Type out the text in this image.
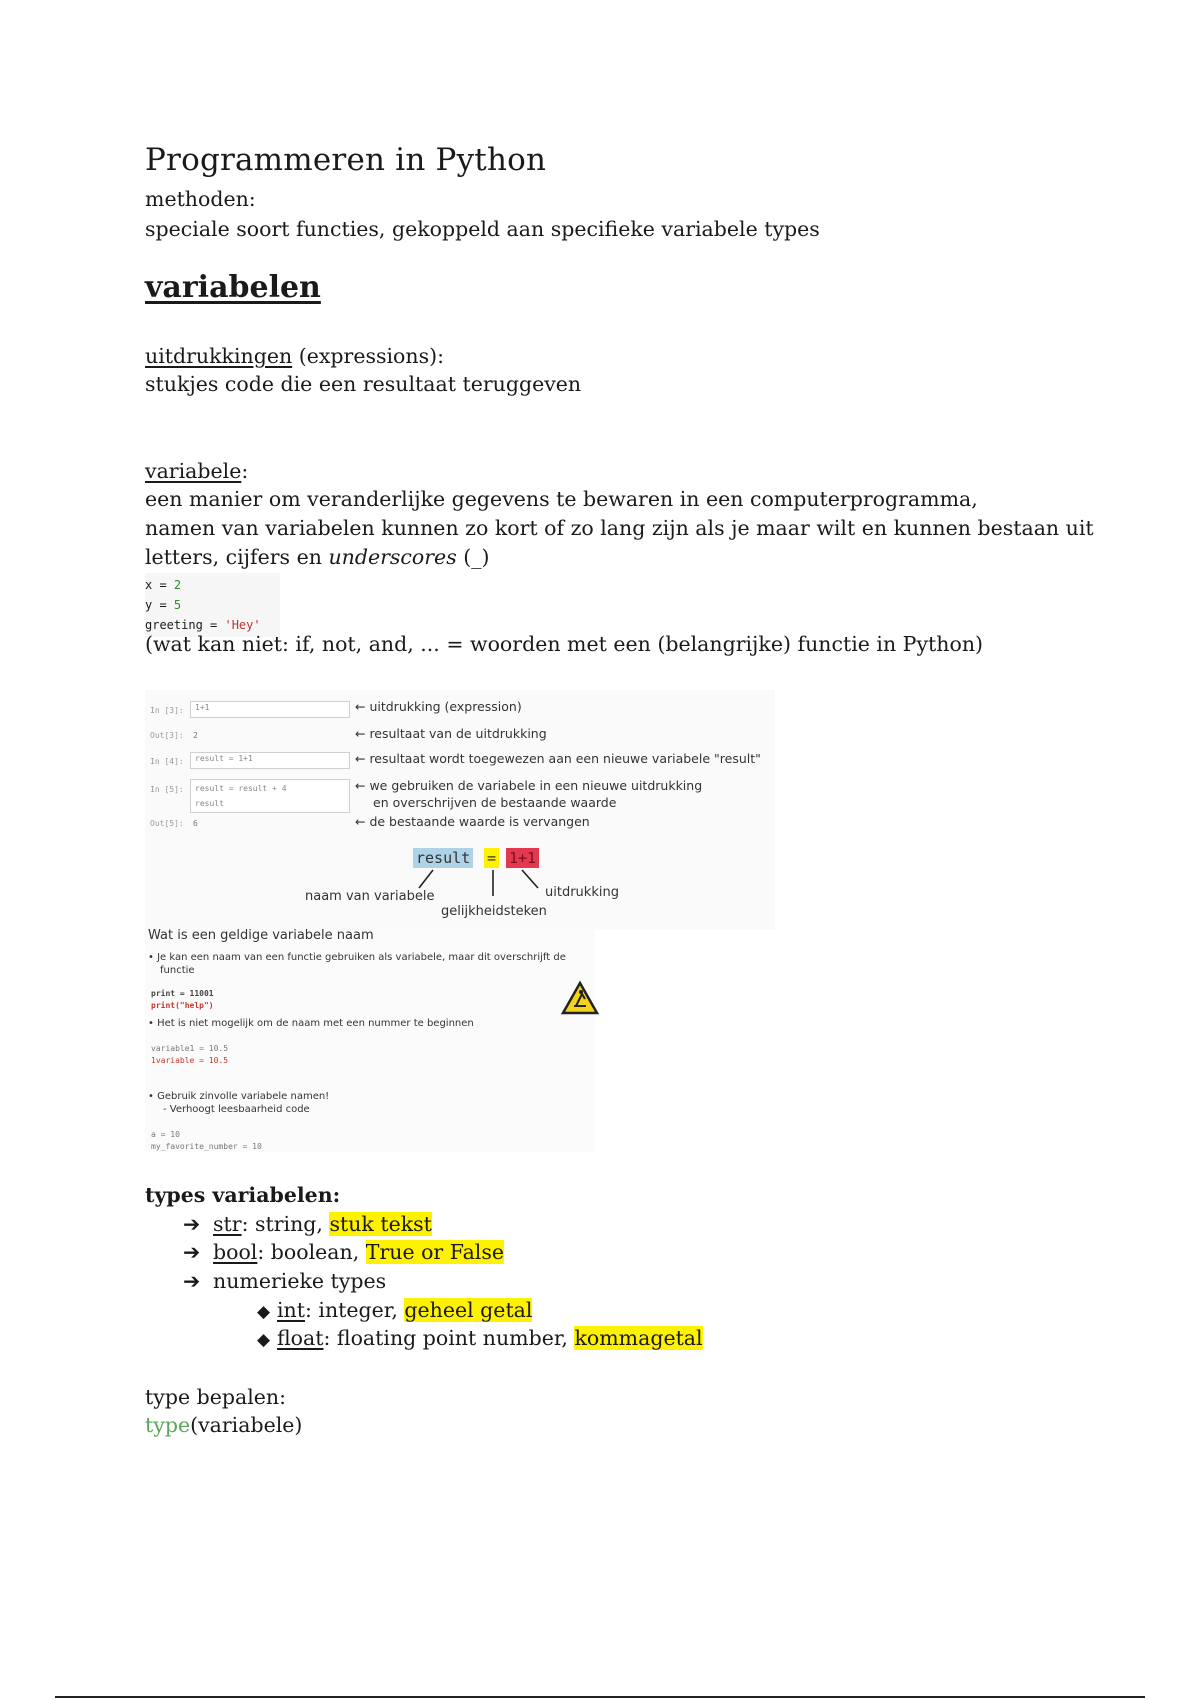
Programmeren in Python
methoden:
speciale soort functies, gekoppeld aan specifieke variabele types
variabelen
uitdrukkingen (expressions):
stukjes code die een resultaat teruggeven
variabele:
een manier om veranderlijke gegevens te bewaren in een computerprogramma,
namen van variabelen kunnen zo kort of zo lang zijn als je maar wilt en kunnen bestaan uit
letters, cijfers en underscores (_)
x = 2
y = 5
greeting = 'Hey'
(wat kan niet: if, not, and, ... = woorden met een (belangrijke) functie in Python)
In [3]:	1+1	← uitdrukking (expression)
Out[3]: 2	← resultaat van de uitdrukking
In [4]:	result = 1+1	← resultaat wordt toegewezen aan een nieuwe variabele "result"
In [5]: result = result + 4
result
← we gebruiken de variabele in een nieuwe uitdrukking
en overschrijven de bestaande waarde
Out[5]: 6	← de bestaande waarde is vervangen
result = 1+1
naam van variabele
gelijkheidsteken
uitdrukking
Wat is een geldige variabele naam
• Je kan een naam van een functie gebruiken als variabele, maar dit overschrijft de
functie
print = 11001
print("help")
• Het is niet mogelijk om de naam met een nummer te beginnen
variable1 = 10.5
1variable = 10.5
• Gebruik zinvolle variabele namen!
- Verhoogt leesbaarheid code
a = 10
my_favorite_number = 10
types variabelen:
➔ str: string, stuk tekst
➔ bool: boolean, True or False
➔ numerieke types
◆ int: integer, geheel getal
◆ float: floating point number, kommagetal
type bepalen:
type(variabele)
